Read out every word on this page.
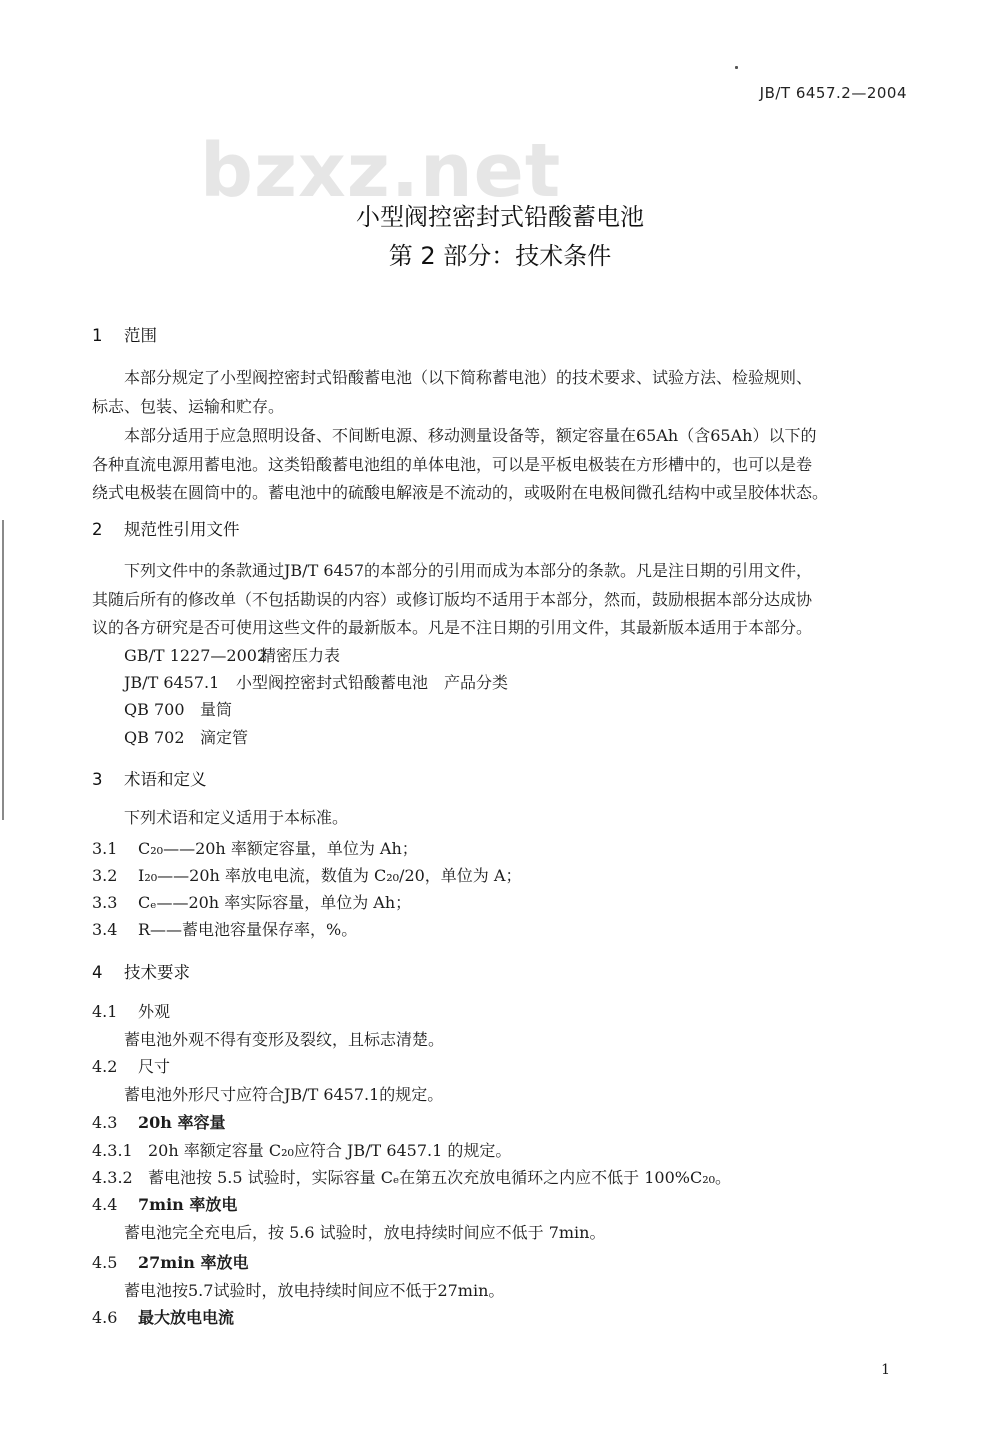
JB/T 6457.2—2004
bzxz.net
小型阀控密封式铅酸蓄电池
第 2 部分：技术条件
1 范围
本部分规定了小型阀控密封式铅酸蓄电池（以下简称蓄电池）的技术要求、试验方法、检验规则、
标志、包装、运输和贮存。
本部分适用于应急照明设备、不间断电源、移动测量设备等，额定容量在65Ah（含65Ah）以下的
各种直流电源用蓄电池。这类铅酸蓄电池组的单体电池，可以是平板电极装在方形槽中的，也可以是卷
绕式电极装在圆筒中的。蓄电池中的硫酸电解液是不流动的，或吸附在电极间微孔结构中或呈胶体状态。
2 规范性引用文件
下列文件中的条款通过JB/T 6457的本部分的引用而成为本部分的条款。凡是注日期的引用文件，
其随后所有的修改单（不包括勘误的内容）或修订版均不适用于本部分，然而，鼓励根据本部分达成协
议的各方研究是否可使用这些文件的最新版本。凡是不注日期的引用文件，其最新版本适用于本部分。
GB/T 1227—2002精密压力表
JB/T 6457.1 小型阀控密封式铅酸蓄电池　产品分类
QB 700 量筒
QB 702 滴定管
3 术语和定义
下列术语和定义适用于本标准。
3.1 C₂₀——20h 率额定容量，单位为 Ah；
3.2 I₂₀——20h 率放电电流，数值为 C₂₀/20，单位为 A；
3.3 Cₑ——20h 率实际容量，单位为 Ah；
3.4 R——蓄电池容量保存率，%。
4 技术要求
4.1 外观
蓄电池外观不得有变形及裂纹，且标志清楚。
4.2 尺寸
蓄电池外形尺寸应符合JB/T 6457.1的规定。
4.3 20h 率容量
4.3.1 20h 率额定容量 C₂₀应符合 JB/T 6457.1 的规定。
4.3.2 蓄电池按 5.5 试验时，实际容量 Cₑ在第五次充放电循环之内应不低于 100%C₂₀。
4.4 7min 率放电
蓄电池完全充电后，按 5.6 试验时，放电持续时间应不低于 7min。
4.5 27min 率放电
蓄电池按5.7试验时，放电持续时间应不低于27min。
4.6 最大放电电流
1
